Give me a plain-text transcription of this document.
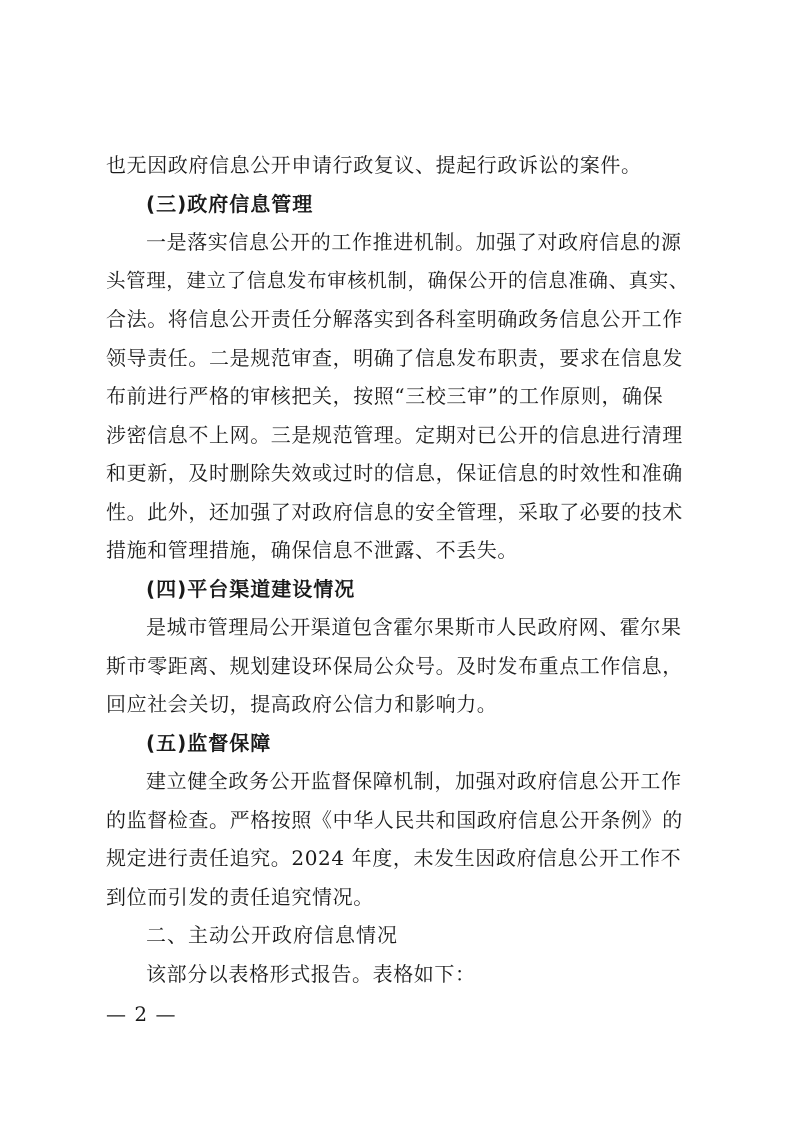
也无因政府信息公开申请行政复议、提起行政诉讼的案件。
(三)政府信息管理
一是落实信息公开的工作推进机制。加强了对政府信息的源
头管理，建立了信息发布审核机制，确保公开的信息准确、真实、
合法。将信息公开责任分解落实到各科室明确政务信息公开工作
领导责任。二是规范审查，明确了信息发布职责，要求在信息发
布前进行严格的审核把关，按照“三校三审”的工作原则，确保
涉密信息不上网。三是规范管理。定期对已公开的信息进行清理
和更新，及时删除失效或过时的信息，保证信息的时效性和准确
性。此外，还加强了对政府信息的安全管理，采取了必要的技术
措施和管理措施，确保信息不泄露、不丢失。
(四)平台渠道建设情况
是城市管理局公开渠道包含霍尔果斯市人民政府网、霍尔果
斯市零距离、规划建设环保局公众号。及时发布重点工作信息，
回应社会关切，提高政府公信力和影响力。
(五)监督保障
建立健全政务公开监督保障机制，加强对政府信息公开工作
的监督检查。严格按照《中华人民共和国政府信息公开条例》的
规定进行责任追究。2024 年度，未发生因政府信息公开工作不
到位而引发的责任追究情况。
二、主动公开政府信息情况
该部分以表格形式报告。表格如下：
— 2 —
